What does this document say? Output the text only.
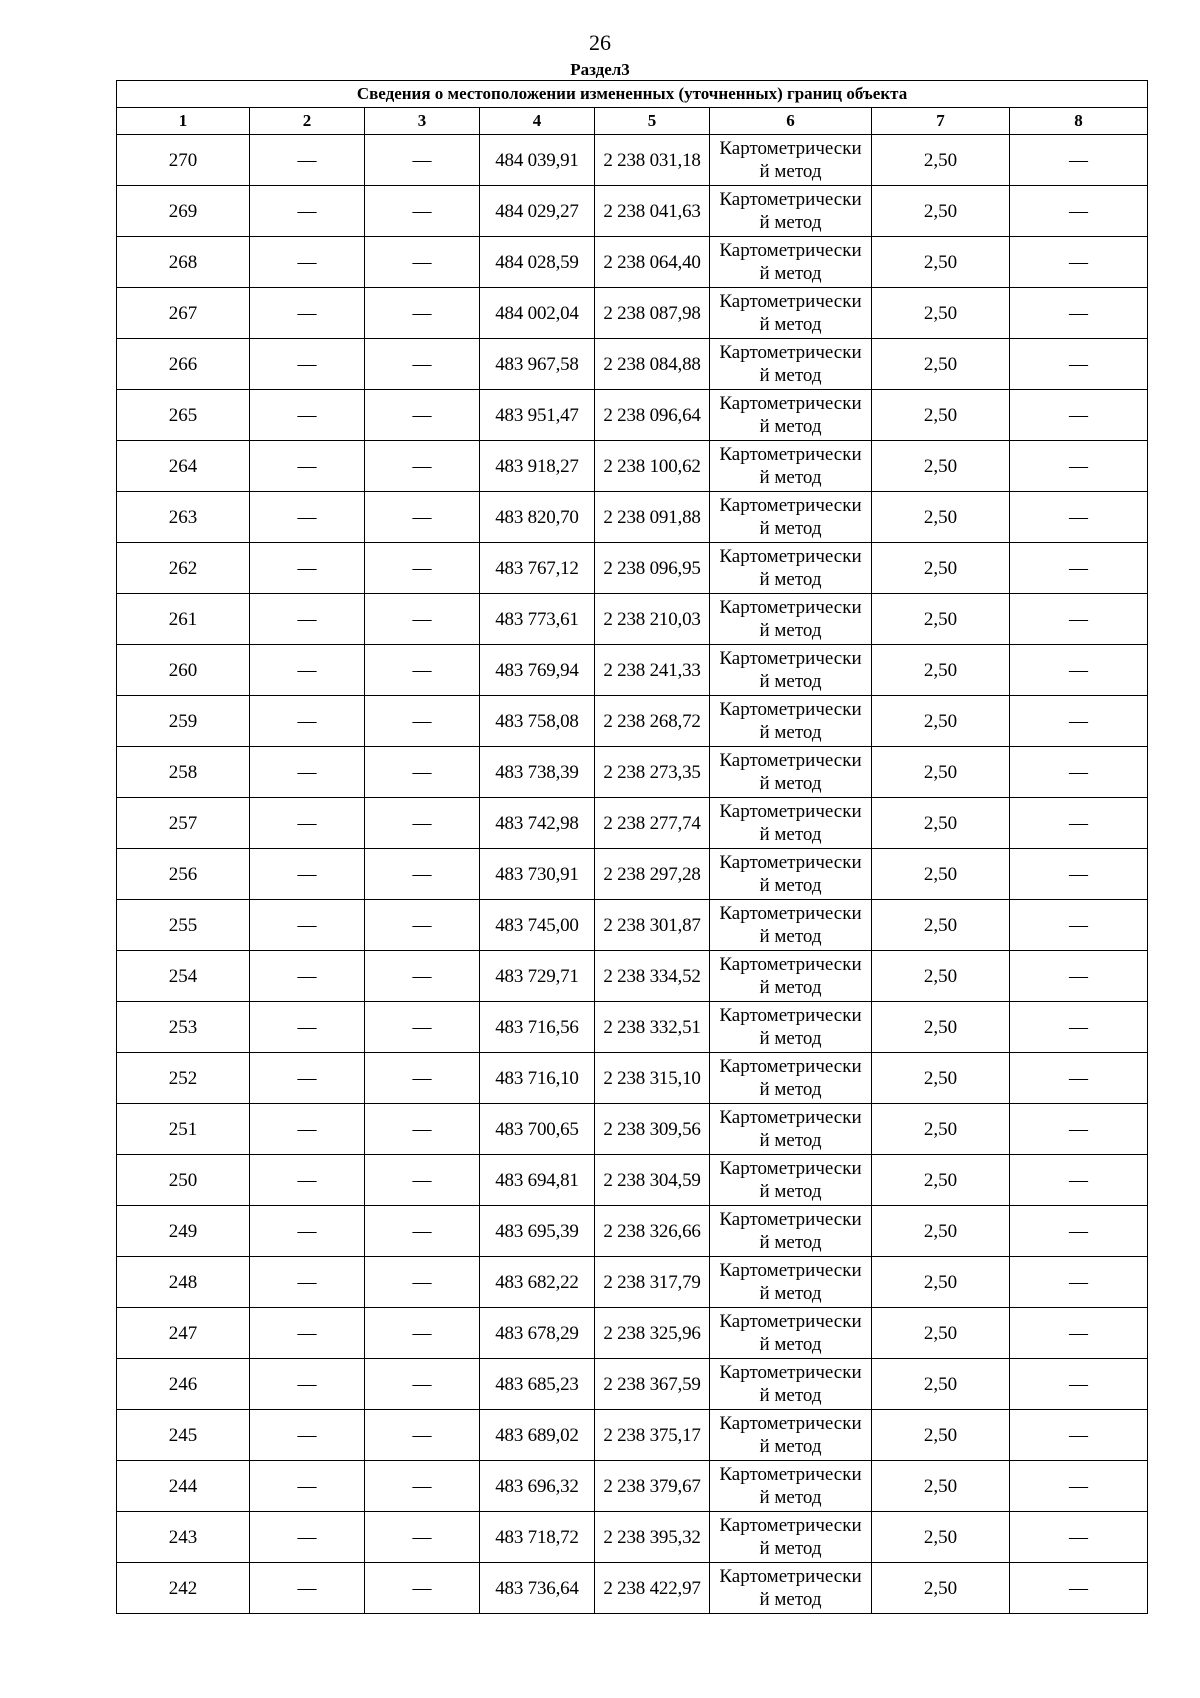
26
Раздел3
Сведения о местоположении измененных (уточненных) границ объекта							
1	2	3	4	5	6	7	8
270	—	—	484 039,91	2 238 031,18	Картометрически й метод	2,50	—
269	—	—	484 029,27	2 238 041,63	Картометрически й метод	2,50	—
268	—	—	484 028,59	2 238 064,40	Картометрически й метод	2,50	—
267	—	—	484 002,04	2 238 087,98	Картометрически й метод	2,50	—
266	—	—	483 967,58	2 238 084,88	Картометрически й метод	2,50	—
265	—	—	483 951,47	2 238 096,64	Картометрически й метод	2,50	—
264	—	—	483 918,27	2 238 100,62	Картометрически й метод	2,50	—
263	—	—	483 820,70	2 238 091,88	Картометрически й метод	2,50	—
262	—	—	483 767,12	2 238 096,95	Картометрически й метод	2,50	—
261	—	—	483 773,61	2 238 210,03	Картометрически й метод	2,50	—
260	—	—	483 769,94	2 238 241,33	Картометрически й метод	2,50	—
259	—	—	483 758,08	2 238 268,72	Картометрически й метод	2,50	—
258	—	—	483 738,39	2 238 273,35	Картометрически й метод	2,50	—
257	—	—	483 742,98	2 238 277,74	Картометрически й метод	2,50	—
256	—	—	483 730,91	2 238 297,28	Картометрически й метод	2,50	—
255	—	—	483 745,00	2 238 301,87	Картометрически й метод	2,50	—
254	—	—	483 729,71	2 238 334,52	Картометрически й метод	2,50	—
253	—	—	483 716,56	2 238 332,51	Картометрически й метод	2,50	—
252	—	—	483 716,10	2 238 315,10	Картометрически й метод	2,50	—
251	—	—	483 700,65	2 238 309,56	Картометрически й метод	2,50	—
250	—	—	483 694,81	2 238 304,59	Картометрически й метод	2,50	—
249	—	—	483 695,39	2 238 326,66	Картометрически й метод	2,50	—
248	—	—	483 682,22	2 238 317,79	Картометрически й метод	2,50	—
247	—	—	483 678,29	2 238 325,96	Картометрически й метод	2,50	—
246	—	—	483 685,23	2 238 367,59	Картометрически й метод	2,50	—
245	—	—	483 689,02	2 238 375,17	Картометрически й метод	2,50	—
244	—	—	483 696,32	2 238 379,67	Картометрически й метод	2,50	—
243	—	—	483 718,72	2 238 395,32	Картометрически й метод	2,50	—
242	—	—	483 736,64	2 238 422,97	Картометрически й метод	2,50	—
